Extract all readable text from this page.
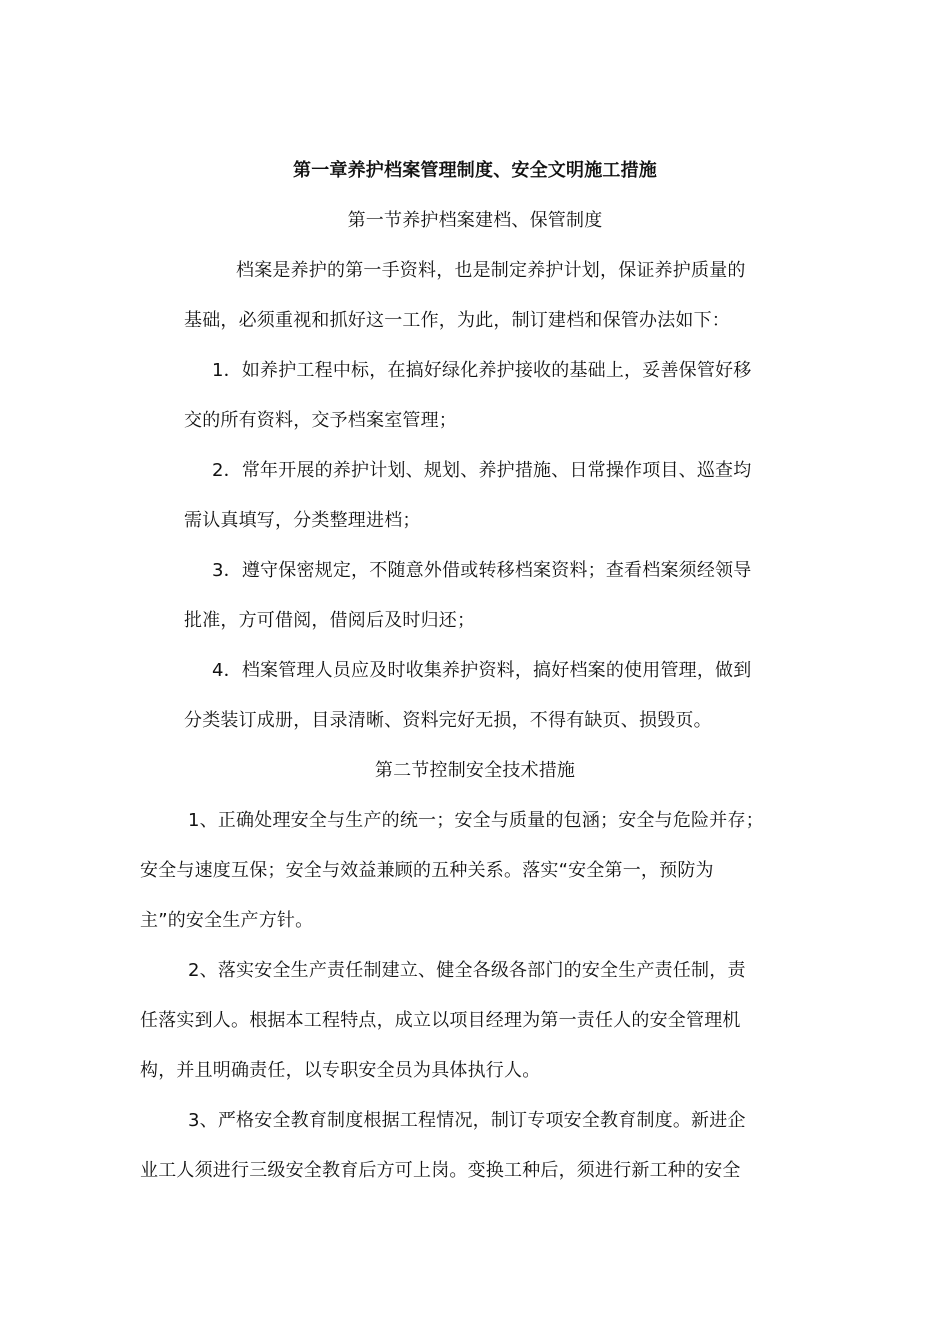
第一章养护档案管理制度、安全文明施工措施
第一节养护档案建档、保管制度
档案是养护的第一手资料，也是制定养护计划，保证养护质量的
基础，必须重视和抓好这一工作，为此，制订建档和保管办法如下：
1．如养护工程中标，在搞好绿化养护接收的基础上，妥善保管好移
交的所有资料，交予档案室管理；
2．常年开展的养护计划、规划、养护措施、日常操作项目、巡查均
需认真填写，分类整理进档；
3．遵守保密规定，不随意外借或转移档案资料；查看档案须经领导
批准，方可借阅，借阅后及时归还；
4．档案管理人员应及时收集养护资料，搞好档案的使用管理，做到
分类装订成册，目录清晰、资料完好无损，不得有缺页、损毁页。
第二节控制安全技术措施
1、正确处理安全与生产的统一；安全与质量的包涵；安全与危险并存；
安全与速度互保；安全与效益兼顾的五种关系。落实“安全第一，预防为
主”的安全生产方针。
2、落实安全生产责任制建立、健全各级各部门的安全生产责任制，责
任落实到人。根据本工程特点，成立以项目经理为第一责任人的安全管理机
构，并且明确责任，以专职安全员为具体执行人。
3、严格安全教育制度根据工程情况，制订专项安全教育制度。新进企
业工人须进行三级安全教育后方可上岗。变换工种后，须进行新工种的安全
